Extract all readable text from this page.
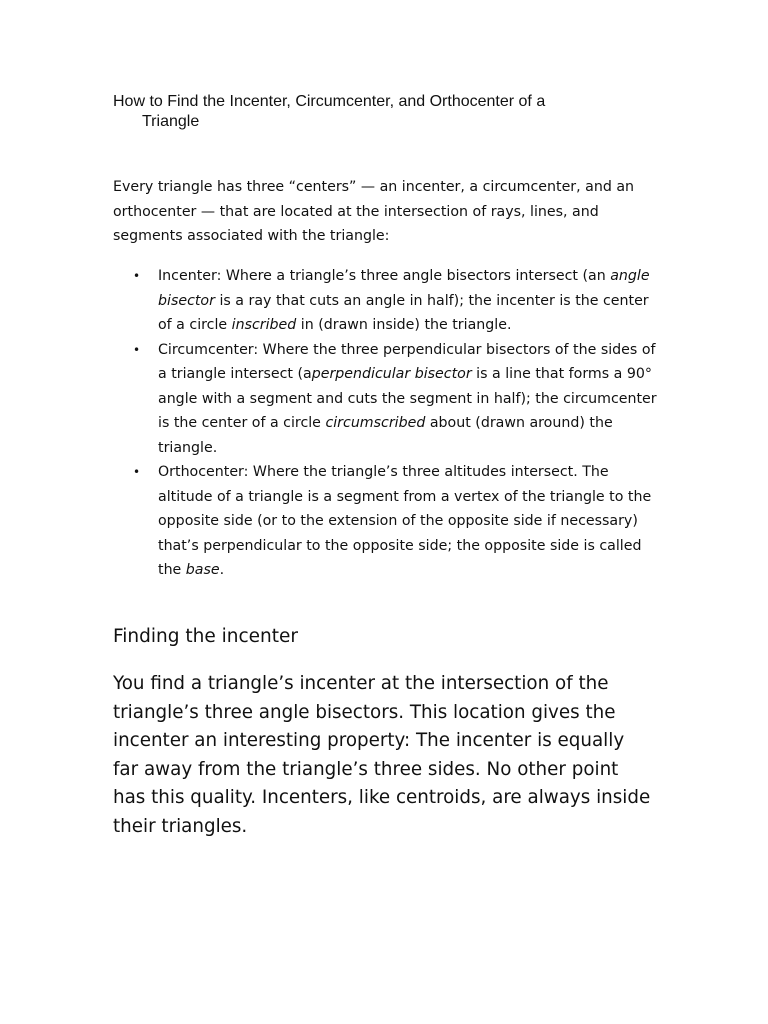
How to Find the Incenter, Circumcenter, and Orthocenter of a
Triangle

Every triangle has three “centers” — an incenter, a circumcenter, and an orthocenter — that are located at the intersection of rays, lines, and segments associated with the triangle:

• Incenter: Where a triangle’s three angle bisectors intersect (an angle bisector is a ray that cuts an angle in half); the incenter is the center of a circle inscribed in (drawn inside) the triangle.
• Circumcenter: Where the three perpendicular bisectors of the sides of a triangle intersect (aperpendicular bisector is a line that forms a 90° angle with a segment and cuts the segment in half); the circumcenter is the center of a circle circumscribed about (drawn around) the triangle.
• Orthocenter: Where the triangle’s three altitudes intersect. The altitude of a triangle is a segment from a vertex of the triangle to the opposite side (or to the extension of the opposite side if necessary) that’s perpendicular to the opposite side; the opposite side is called the base.
Finding the incenter

You find a triangle’s incenter at the intersection of the triangle’s three angle bisectors. This location gives the incenter an interesting property: The incenter is equally far away from the triangle’s three sides. No other point has this quality. Incenters, like centroids, are always inside their triangles.
